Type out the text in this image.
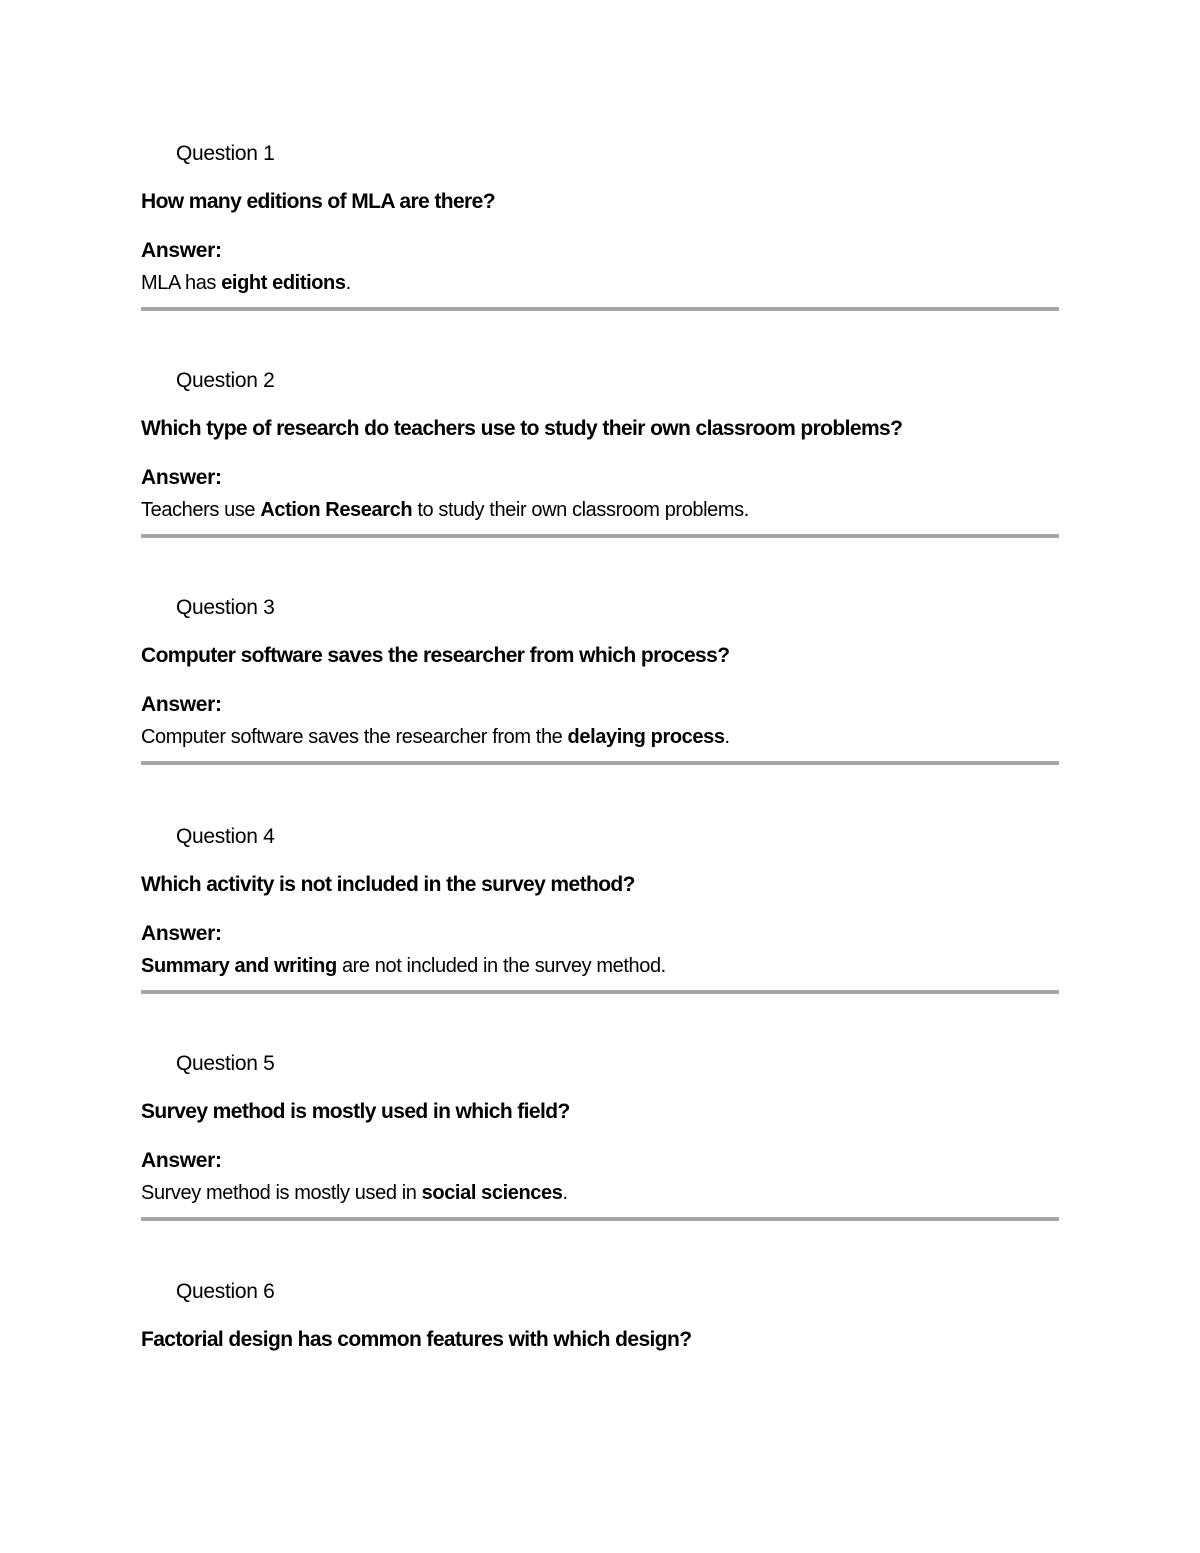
Question 1
How many editions of MLA are there?
Answer:
MLA has eight editions.
Question 2
Which type of research do teachers use to study their own classroom problems?
Answer:
Teachers use Action Research to study their own classroom problems.
Question 3
Computer software saves the researcher from which process?
Answer:
Computer software saves the researcher from the delaying process.
Question 4
Which activity is not included in the survey method?
Answer:
Summary and writing are not included in the survey method.
Question 5
Survey method is mostly used in which field?
Answer:
Survey method is mostly used in social sciences.
Question 6
Factorial design has common features with which design?
